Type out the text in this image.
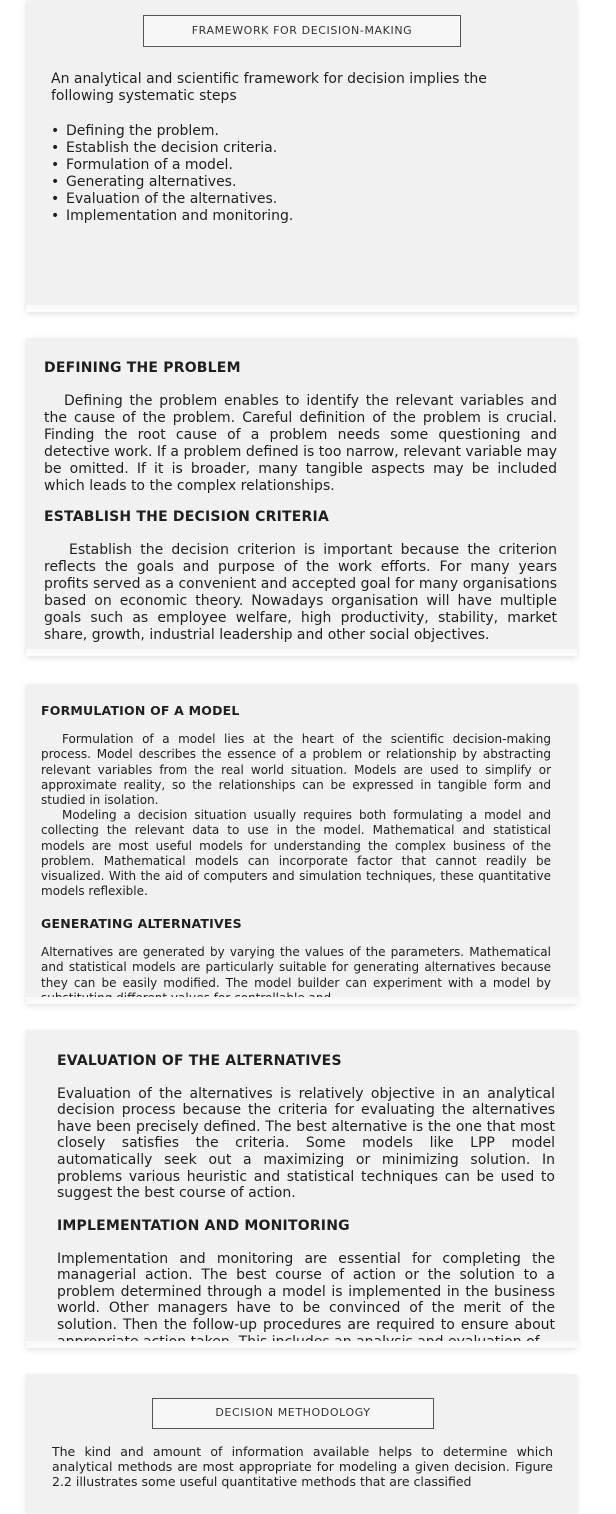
FRAMEWORK FOR DECISION-MAKING

An analytical and scientific framework for decision implies the following systematic steps

• Defining the problem.
• Establish the decision criteria.
• Formulation of a model.
• Generating alternatives.
• Evaluation of the alternatives.
• Implementation and monitoring.

DEFINING THE PROBLEM

Defining the problem enables to identify the relevant variables and the cause of the problem. Careful definition of the problem is crucial. Finding the root cause of a problem needs some questioning and detective work. If a problem defined is too narrow, relevant variable may be omitted. If it is broader, many tangible aspects may be included which leads to the complex relationships.

ESTABLISH THE DECISION CRITERIA

Establish the decision criterion is important because the criterion reflects the goals and purpose of the work efforts. For many years profits served as a convenient and accepted goal for many organisations based on economic theory. Nowadays organisation will have multiple goals such as employee welfare, high productivity, stability, market share, growth, industrial leadership and other social objectives.

FORMULATION OF A MODEL

Formulation of a model lies at the heart of the scientific decision-making process. Model describes the essence of a problem or relationship by abstracting relevant variables from the real world situation. Models are used to simplify or approximate reality, so the relationships can be expressed in tangible form and studied in isolation.

Modeling a decision situation usually requires both formulating a model and collecting the relevant data to use in the model. Mathematical and statistical models are most useful models for understanding the complex business of the problem. Mathematical models can incorporate factor that cannot readily be visualized. With the aid of computers and simulation techniques, these quantitative models reflexible.

GENERATING ALTERNATIVES

Alternatives are generated by varying the values of the parameters. Mathematical and statistical models are particularly suitable for generating alternatives because they can be easily modified. The model builder can experiment with a model by

EVALUATION OF THE ALTERNATIVES

Evaluation of the alternatives is relatively objective in an analytical decision process because the criteria for evaluating the alternatives have been precisely defined. The best alternative is the one that most closely satisfies the criteria. Some models like LPP model automatically seek out a maximizing or minimizing solution. In problems various heuristic and statistical techniques can be used to suggest the best course of action.

IMPLEMENTATION AND MONITORING

Implementation and monitoring are essential for completing the managerial action. The best course of action or the solution to a problem determined through a model is implemented in the business world. Other managers have to be convinced of the merit of the solution. Then the follow-up procedures are required to ensure about

DECISION METHODOLOGY

The kind and amount of information available helps to determine which analytical methods are most appropriate for modeling a given decision. Figure 2.2 illustrates some useful quantitative methods that are classified
